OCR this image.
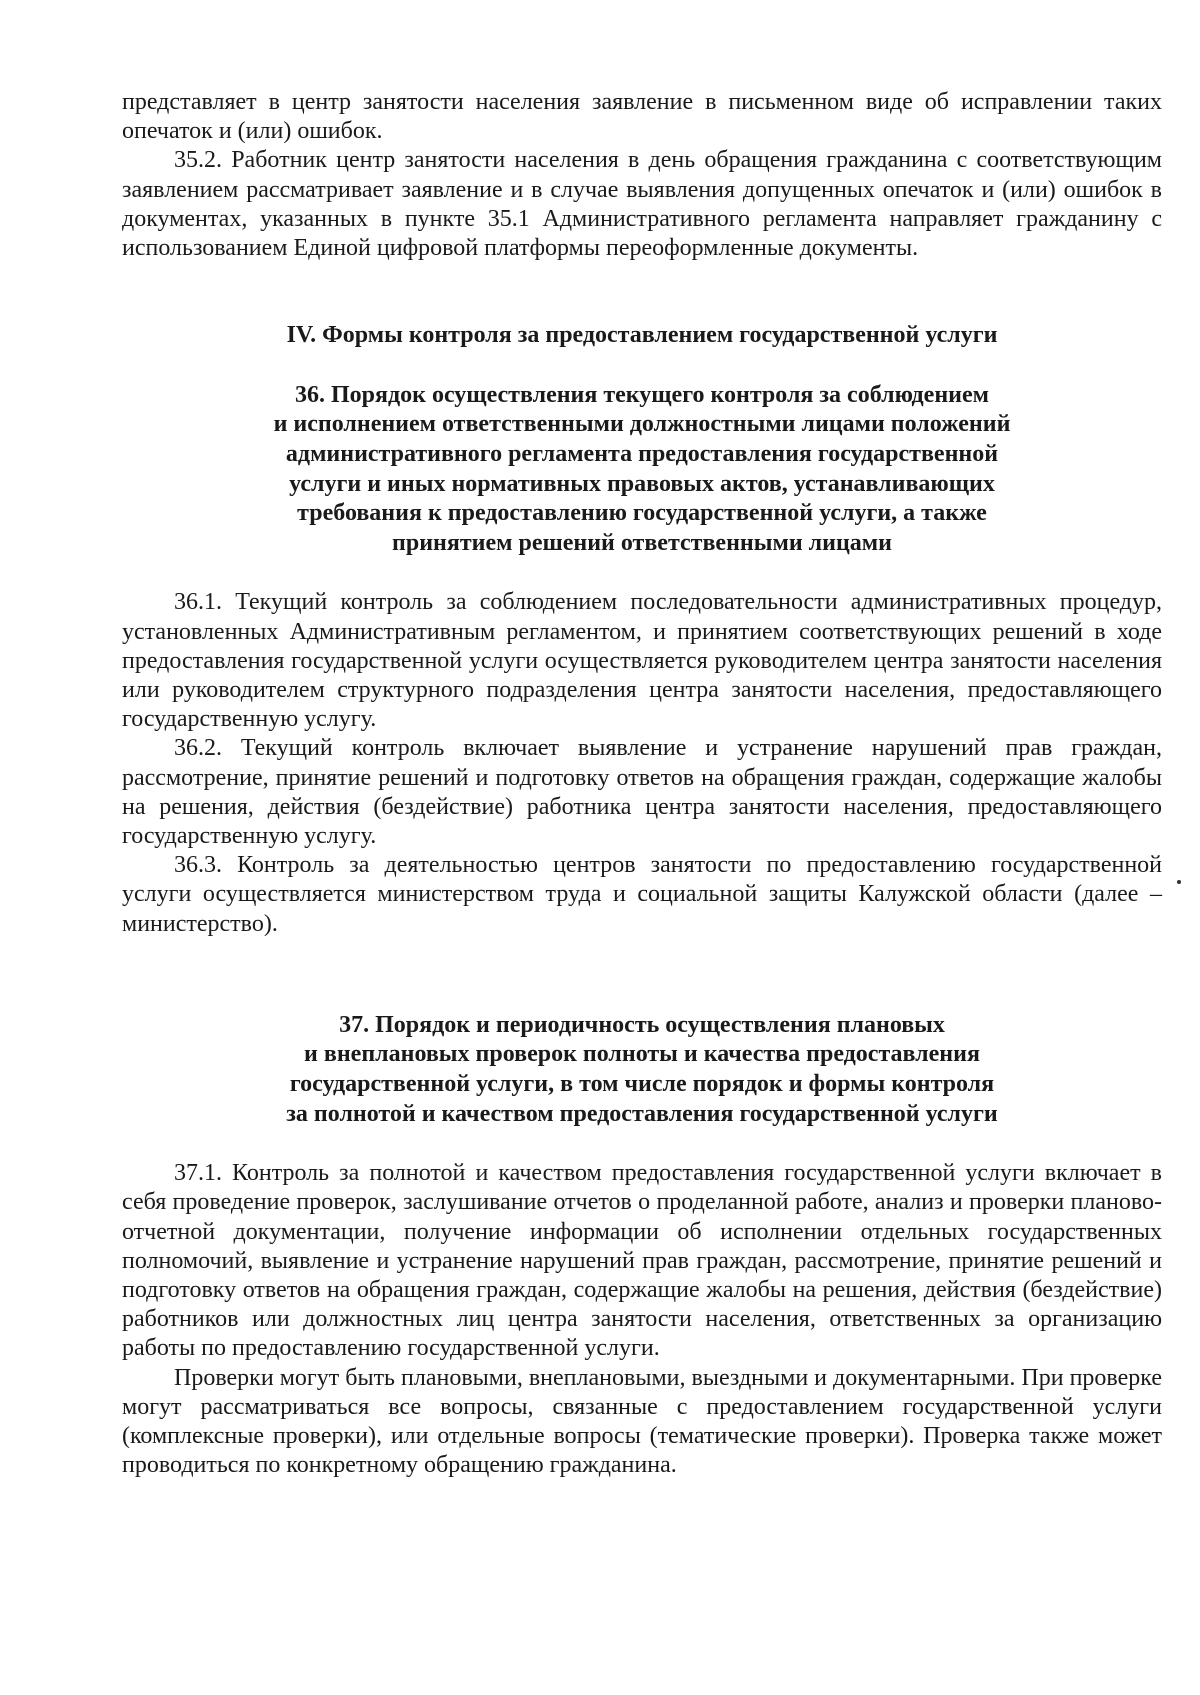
представляет в центр занятости населения заявление в письменном виде об исправлении таких опечаток и (или) ошибок.

35.2. Работник центр занятости населения в день обращения гражданина с соответствующим заявлением рассматривает заявление и в случае выявления допущенных опечаток и (или) ошибок в документах, указанных в пункте 35.1 Административного регламента направляет гражданину с использованием Единой цифровой платформы переоформленные документы.

IV. Формы контроля за предоставлением государственной услуги
36. Порядок осуществления текущего контроля за соблюдением
и исполнением ответственными должностными лицами положений
административного регламента предоставления государственной
услуги и иных нормативных правовых актов, устанавливающих
требования к предоставлению государственной услуги, а также
принятием решений ответственными лицами

36.1. Текущий контроль за соблюдением последовательности административных процедур, установленных Административным регламентом, и принятием соответствующих решений в ходе предоставления государственной услуги осуществляется руководителем центра занятости населения или руководителем структурного подразделения центра занятости населения, предоставляющего государственную услугу.

36.2. Текущий контроль включает выявление и устранение нарушений прав граждан, рассмотрение, принятие решений и подготовку ответов на обращения граждан, содержащие жалобы на решения, действия (бездействие) работника центра занятости населения, предоставляющего государственную услугу.

36.3. Контроль за деятельностью центров занятости по предоставлению государственной услуги осуществляется министерством труда и социальной защиты Калужской области (далее – министерство).

37. Порядок и периодичность осуществления плановых
и внеплановых проверок полноты и качества предоставления
государственной услуги, в том числе порядок и формы контроля
за полнотой и качеством предоставления государственной услуги

37.1. Контроль за полнотой и качеством предоставления государственной услуги включает в себя проведение проверок, заслушивание отчетов о проделанной работе, анализ и проверки планово-отчетной документации, получение информации об исполнении отдельных государственных полномочий, выявление и устранение нарушений прав граждан, рассмотрение, принятие решений и подготовку ответов на обращения граждан, содержащие жалобы на решения, действия (бездействие) работников или должностных лиц центра занятости населения, ответственных за организацию работы по предоставлению государственной услуги.

Проверки могут быть плановыми, внеплановыми, выездными и документарными. При проверке могут рассматриваться все вопросы, связанные с предоставлением государственной услуги (комплексные проверки), или отдельные вопросы (тематические проверки). Проверка также может проводиться по конкретному обращению гражданина.
